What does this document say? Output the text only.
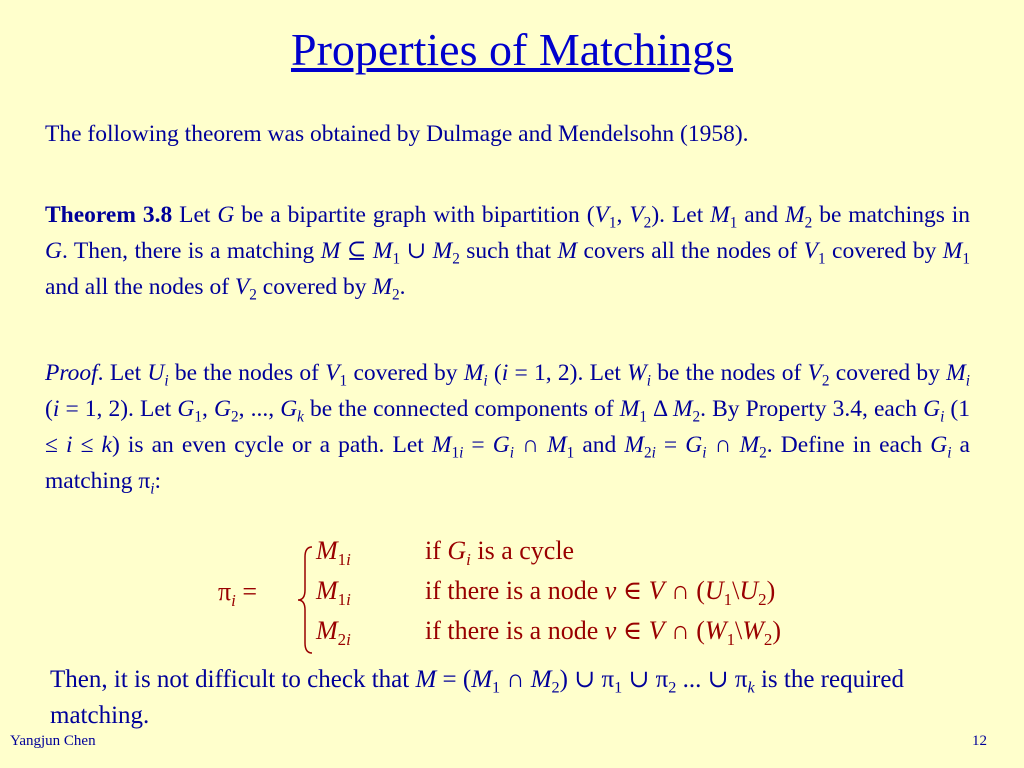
Properties of Matchings
The following theorem was obtained by Dulmage and Mendelsohn (1958).
Theorem 3.8 Let G be a bipartite graph with bipartition ($V_1$, $V_2$). Let $M_1$ and $M_2$ be matchings in G. Then, there is a matching M ⊆ $M_1$ ∪ $M_2$ such that M covers all the nodes of $V_1$ covered by $M_1$ and all the nodes of $V_2$ covered by $M_2$.
Proof. Let $U_i$ be the nodes of $V_1$ covered by $M_i$ (i = 1, 2). Let $W_i$ be the nodes of $V_2$ covered by $M_i$ (i = 1, 2). Let $G_1$, $G_2$, ..., $G_k$ be the connected components of $M_1$ Δ $M_2$. By Property 3.4, each $G_i$ (1 ≤ i ≤ k) is an even cycle or a path. Let $M_{1i} = G_i$ ∩ $M_1$ and $M_{2i} = G_i$ ∩ $M_2$. Define in each $G_i$ a matching $\pi_i$:
$\pi_i$ =
$M_{1i}$	if $G_i$ is a cycle
$M_{1i}$	if there is a node v ∈ V ∩ $(U_1\backslash U_2)$
$M_{2i}$	if there is a node v ∈ V ∩ $(W_1\backslash W_2)$
Then, it is not difficult to check that $M = (M_1$ ∩ $M_2$) ∪ $\pi_1$ ∪ $\pi_2$ ... ∪ $\pi_k$ is the required matching.
Yangjun Chen	12
